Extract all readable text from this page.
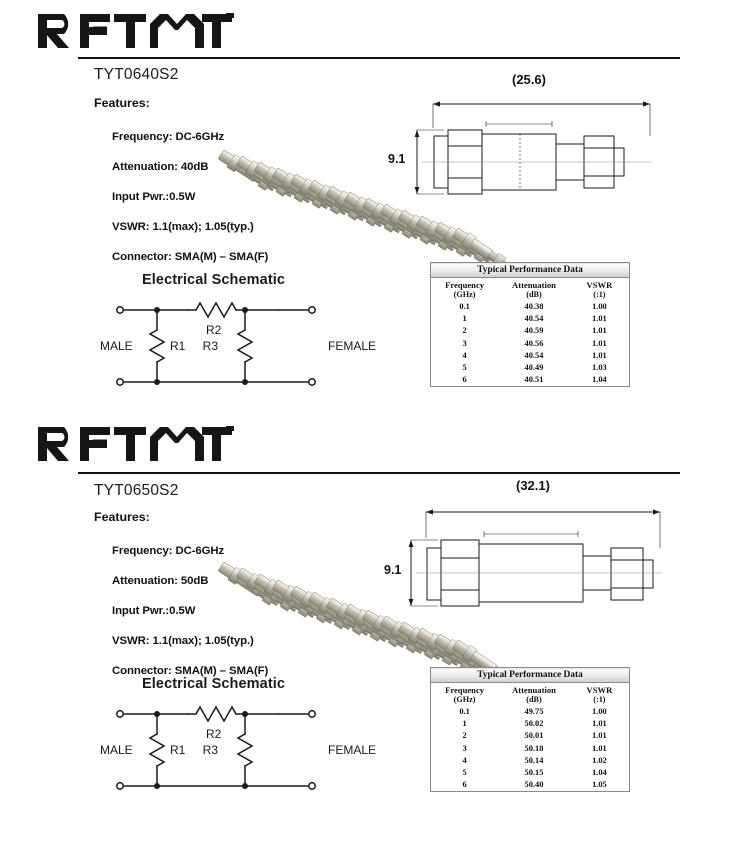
TYT0640S2
Features:
Frequency: DC-6GHz
Attenuation: 40dB
Input Pwr.:0.5W
VSWR: 1.1(max); 1.05(typ.)
Connector: SMA(M) – SMA(F)
(25.6)
9.1
Electrical Schematic
R2
R1 R3
MALE	FEMALE
Typical Performance Data		
Frequency	Attenuation	VSWR
(GHz)	(dB)	(:1)
0.1	40.38	1.00
1	40.54	1.01
2	40.59	1.01
3	40.56	1.01
4	40.54	1.01
5	40.49	1.03
6	40.51	1.04
TYT0650S2
Features:
Frequency: DC-6GHz
Attenuation: 50dB
Input Pwr.:0.5W
VSWR: 1.1(max); 1.05(typ.)
Connector: SMA(M) – SMA(F)
(32.1)
9.1
Electrical Schematic
R2
R1 R3
MALE	FEMALE
Typical Performance Data		
Frequency	Attenuation	VSWR
(GHz)	(dB)	(:1)
0.1	49.75	1.00
1	50.02	1.01
2	50.01	1.01
3	50.18	1.01
4	50.14	1.02
5	50.15	1.04
6	50.40	1.05
